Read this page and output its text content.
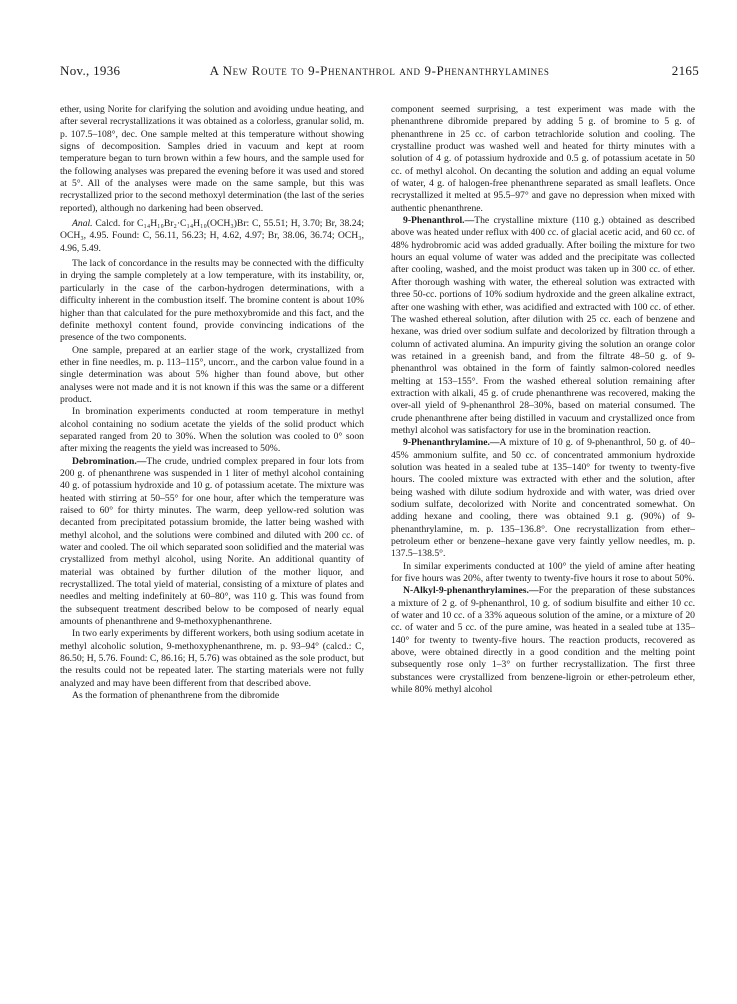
Nov., 1936	A New Route to 9-Phenanthrol and 9-Phenanthrylamines	2165

ether, using Norite for clarifying the solution and avoiding undue heating, and after several recrystallizations it was obtained as a colorless, granular solid, m. p. 107.5–108°, dec. One sample melted at this temperature without showing signs of decomposition. Samples dried in vacuum and kept at room temperature began to turn brown within a few hours, and the sample used for the following analyses was prepared the evening before it was used and stored at 5°. All of the analyses were made on the same sample, but this was recrystallized prior to the second methoxyl determination (the last of the series reported), although no darkening had been observed.

Anal. Calcd. for C₁₄H₁₀Br₂·C₁₄H₁₀(OCH₃)Br: C, 55.51; H, 3.70; Br, 38.24; OCH₃, 4.95. Found: C, 56.11, 56.23; H, 4.62, 4.97; Br, 38.06, 36.74; OCH₃, 4.96, 5.49.

The lack of concordance in the results may be connected with the difficulty in drying the sample completely at a low temperature, with its instability, or, particularly in the case of the carbon-hydrogen determinations, with a difficulty inherent in the combustion itself. The bromine content is about 10% higher than that calculated for the pure methoxybromide and this fact, and the definite methoxyl content found, provide convincing indications of the presence of the two components.

One sample, prepared at an earlier stage of the work, crystallized from ether in fine needles, m. p. 113–115°, uncorr., and the carbon value found in a single determination was about 5% higher than found above, but other analyses were not made and it is not known if this was the same or a different product.

In bromination experiments conducted at room temperature in methyl alcohol containing no sodium acetate the yields of the solid product which separated ranged from 20 to 30%. When the solution was cooled to 0° soon after mixing the reagents the yield was increased to 50%.

Debromination.—The crude, undried complex prepared in four lots from 200 g. of phenanthrene was suspended in 1 liter of methyl alcohol containing 40 g. of potassium hydroxide and 10 g. of potassium acetate. The mixture was heated with stirring at 50–55° for one hour, after which the temperature was raised to 60° for thirty minutes. The warm, deep yellow-red solution was decanted from precipitated potassium bromide, the latter being washed with methyl alcohol, and the solutions were combined and diluted with 200 cc. of water and cooled. The oil which separated soon solidified and the material was crystallized from methyl alcohol, using Norite. An additional quantity of material was obtained by further dilution of the mother liquor, and recrystallized. The total yield of material, consisting of a mixture of plates and needles and melting indefinitely at 60–80°, was 110 g. This was found from the subsequent treatment described below to be composed of nearly equal amounts of phenanthrene and 9-methoxyphenanthrene.

In two early experiments by different workers, both using sodium acetate in methyl alcoholic solution, 9-methoxyphenanthrene, m. p. 93–94° (calcd.: C, 86.50; H, 5.76. Found: C, 86.16; H, 5.76) was obtained as the sole product, but the results could not be repeated later. The starting materials were not fully analyzed and may have been different from that described above.

As the formation of phenanthrene from the dibromide

component seemed surprising, a test experiment was made with the phenanthrene dibromide prepared by adding 5 g. of bromine to 5 g. of phenanthrene in 25 cc. of carbon tetrachloride solution and cooling. The crystalline product was washed well and heated for thirty minutes with a solution of 4 g. of potassium hydroxide and 0.5 g. of potassium acetate in 50 cc. of methyl alcohol. On decanting the solution and adding an equal volume of water, 4 g. of halogen-free phenanthrene separated as small leaflets. Once recrystallized it melted at 95.5–97° and gave no depression when mixed with authentic phenanthrene.

9-Phenanthrol.—The crystalline mixture (110 g.) obtained as described above was heated under reflux with 400 cc. of glacial acetic acid, and 60 cc. of 48% hydrobromic acid was added gradually. After boiling the mixture for two hours an equal volume of water was added and the precipitate was collected after cooling, washed, and the moist product was taken up in 300 cc. of ether. After thorough washing with water, the ethereal solution was extracted with three 50-cc. portions of 10% sodium hydroxide and the green alkaline extract, after one washing with ether, was acidified and extracted with 100 cc. of ether. The washed ethereal solution, after dilution with 25 cc. each of benzene and hexane, was dried over sodium sulfate and decolorized by filtration through a column of activated alumina. An impurity giving the solution an orange color was retained in a greenish band, and from the filtrate 48–50 g. of 9-phenanthrol was obtained in the form of faintly salmon-colored needles melting at 153–155°. From the washed ethereal solution remaining after extraction with alkali, 45 g. of crude phenanthrene was recovered, making the over-all yield of 9-phenanthrol 28–30%, based on material consumed. The crude phenanthrene after being distilled in vacuum and crystallized once from methyl alcohol was satisfactory for use in the bromination reaction.

9-Phenanthrylamine.—A mixture of 10 g. of 9-phenanthrol, 50 g. of 40–45% ammonium sulfite, and 50 cc. of concentrated ammonium hydroxide solution was heated in a sealed tube at 135–140° for twenty to twenty-five hours. The cooled mixture was extracted with ether and the solution, after being washed with dilute sodium hydroxide and with water, was dried over sodium sulfate, decolorized with Norite and concentrated somewhat. On adding hexane and cooling, there was obtained 9.1 g. (90%) of 9-phenanthrylamine, m. p. 135–136.8°. One recrystallization from ether–petroleum ether or benzene–hexane gave very faintly yellow needles, m. p. 137.5–138.5°.

In similar experiments conducted at 100° the yield of amine after heating for five hours was 20%, after twenty to twenty-five hours it rose to about 50%.

N-Alkyl-9-phenanthrylamines.—For the preparation of these substances a mixture of 2 g. of 9-phenanthrol, 10 g. of sodium bisulfite and either 10 cc. of water and 10 cc. of a 33% aqueous solution of the amine, or a mixture of 20 cc. of water and 5 cc. of the pure amine, was heated in a sealed tube at 135–140° for twenty to twenty-five hours. The reaction products, recovered as above, were obtained directly in a good condition and the melting point subsequently rose only 1–3° on further recrystallization. The first three substances were crystallized from benzene-ligroin or ether-petroleum ether, while 80% methyl alcohol
